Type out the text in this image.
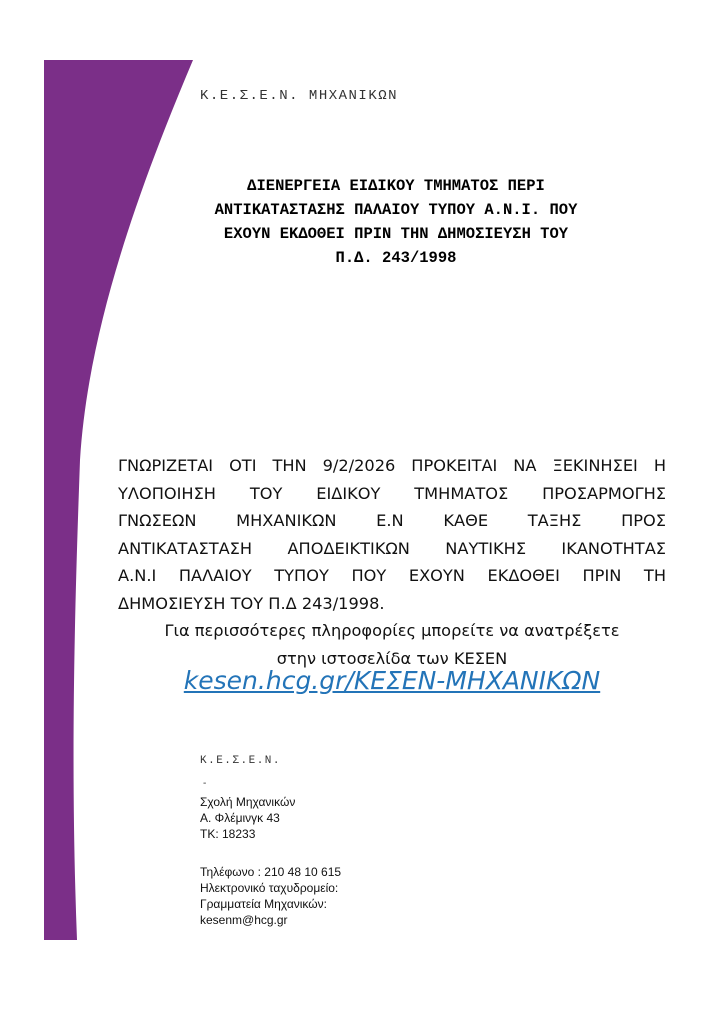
Κ.Ε.Σ.Ε.Ν. ΜΗΧΑΝΙΚΩΝ
ΔΙΕΝΕΡΓΕΙΑ ΕΙΔΙΚΟΥ ΤΜΗΜΑΤΟΣ ΠΕΡΙ
ΑΝΤΙΚΑΤΑΣΤΑΣΗΣ ΠΑΛΑΙΟΥ ΤΥΠΟΥ Α.Ν.Ι. ΠΟΥ
ΕΧΟΥΝ ΕΚΔΟΘΕΙ ΠΡΙΝ ΤΗΝ ΔΗΜΟΣΙΕΥΣΗ ΤΟΥ
Π.Δ. 243/1998
ΓΝΩΡΙΖΕΤΑΙ ΟΤΙ ΤΗΝ 9/2/2026 ΠΡΟΚΕΙΤΑΙ ΝΑ ΞΕΚΙΝΗΣΕΙ Η
ΥΛΟΠΟΙΗΣΗ ΤΟΥ ΕΙΔΙΚΟΥ ΤΜΗΜΑΤΟΣ ΠΡΟΣΑΡΜΟΓΗΣ
ΓΝΩΣΕΩΝ ΜΗΧΑΝΙΚΩΝ Ε.Ν ΚΑΘΕ ΤΑΞΗΣ ΠΡΟΣ
ΑΝΤΙΚΑΤΑΣΤΑΣΗ ΑΠΟΔΕΙΚΤΙΚΩΝ ΝΑΥΤΙΚΗΣ ΙΚΑΝΟΤΗΤΑΣ
Α.Ν.Ι ΠΑΛΑΙΟΥ ΤΥΠΟΥ ΠΟΥ ΕΧΟΥΝ ΕΚΔΟΘΕΙ ΠΡΙΝ ΤΗ
ΔΗΜΟΣΙΕΥΣΗ ΤΟΥ Π.Δ 243/1998.
Για περισσότερες πληροφορίες μπορείτε να ανατρέξετε
στην ιστοσελίδα των ΚΕΣΕΝ
kesen.hcg.gr/ΚΕΣΕΝ-ΜΗΧΑΝΙΚΩΝ
Κ.Ε.Σ.Ε.Ν.
-
Σχολή Μηχανικών
Α. Φλέμινγκ 43
ΤΚ: 18233
Τηλέφωνο : 210 48 10 615
Ηλεκτρονικό ταχυδρομείο:
Γραμματεία Μηχανικών:
kesenm@hcg.gr
